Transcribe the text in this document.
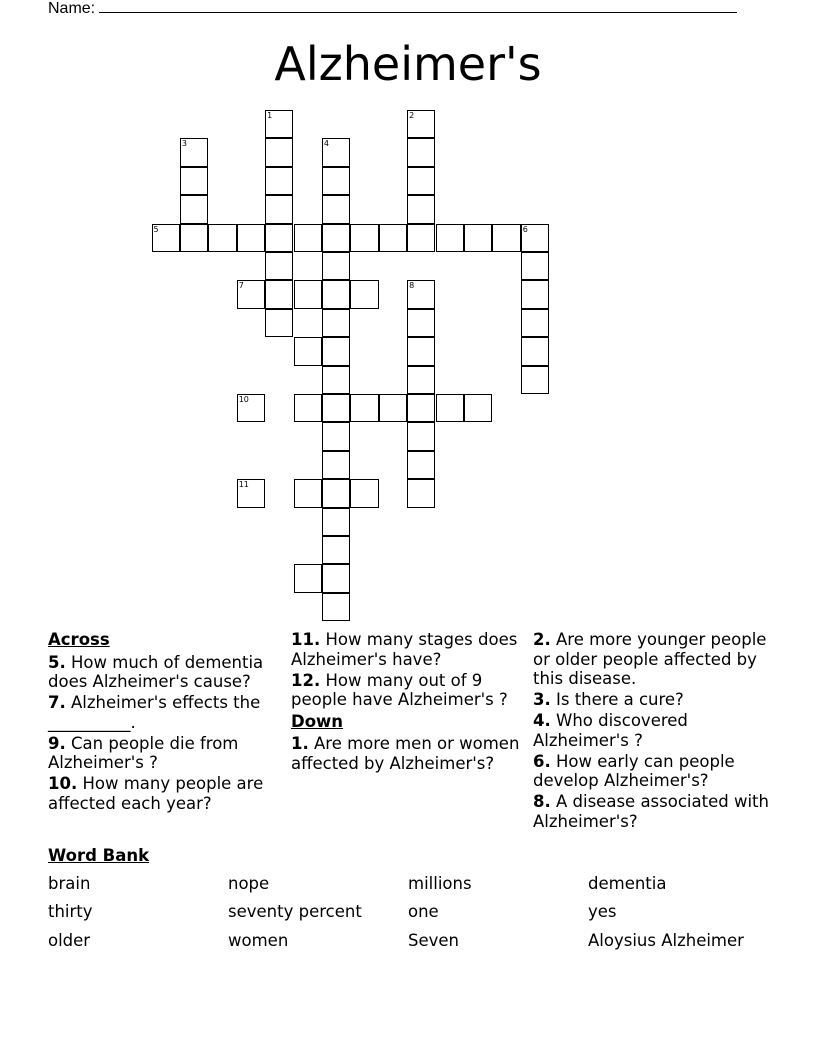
Name:
Alzheimer's
1	2
3	4
5	6
7	8
10
11
Across
5. How much of dementia does Alzheimer's cause?
7. Alzheimer's effects the __________.
9. Can people die from Alzheimer's ?
10. How many people are affected each year?
11. How many stages does Alzheimer's have?
12. How many out of 9 people have Alzheimer's ?
Down
1. Are more men or women affected by Alzheimer's?
2. Are more younger people or older people affected by this disease.
3. Is there a cure?
4. Who discovered Alzheimer's ?
6. How early can people develop Alzheimer's?
8. A disease associated with Alzheimer's?
Word Bank
brain	nope	millions	dementia
thirty	seventy percent	one	yes
older	women	Seven	Aloysius Alzheimer
